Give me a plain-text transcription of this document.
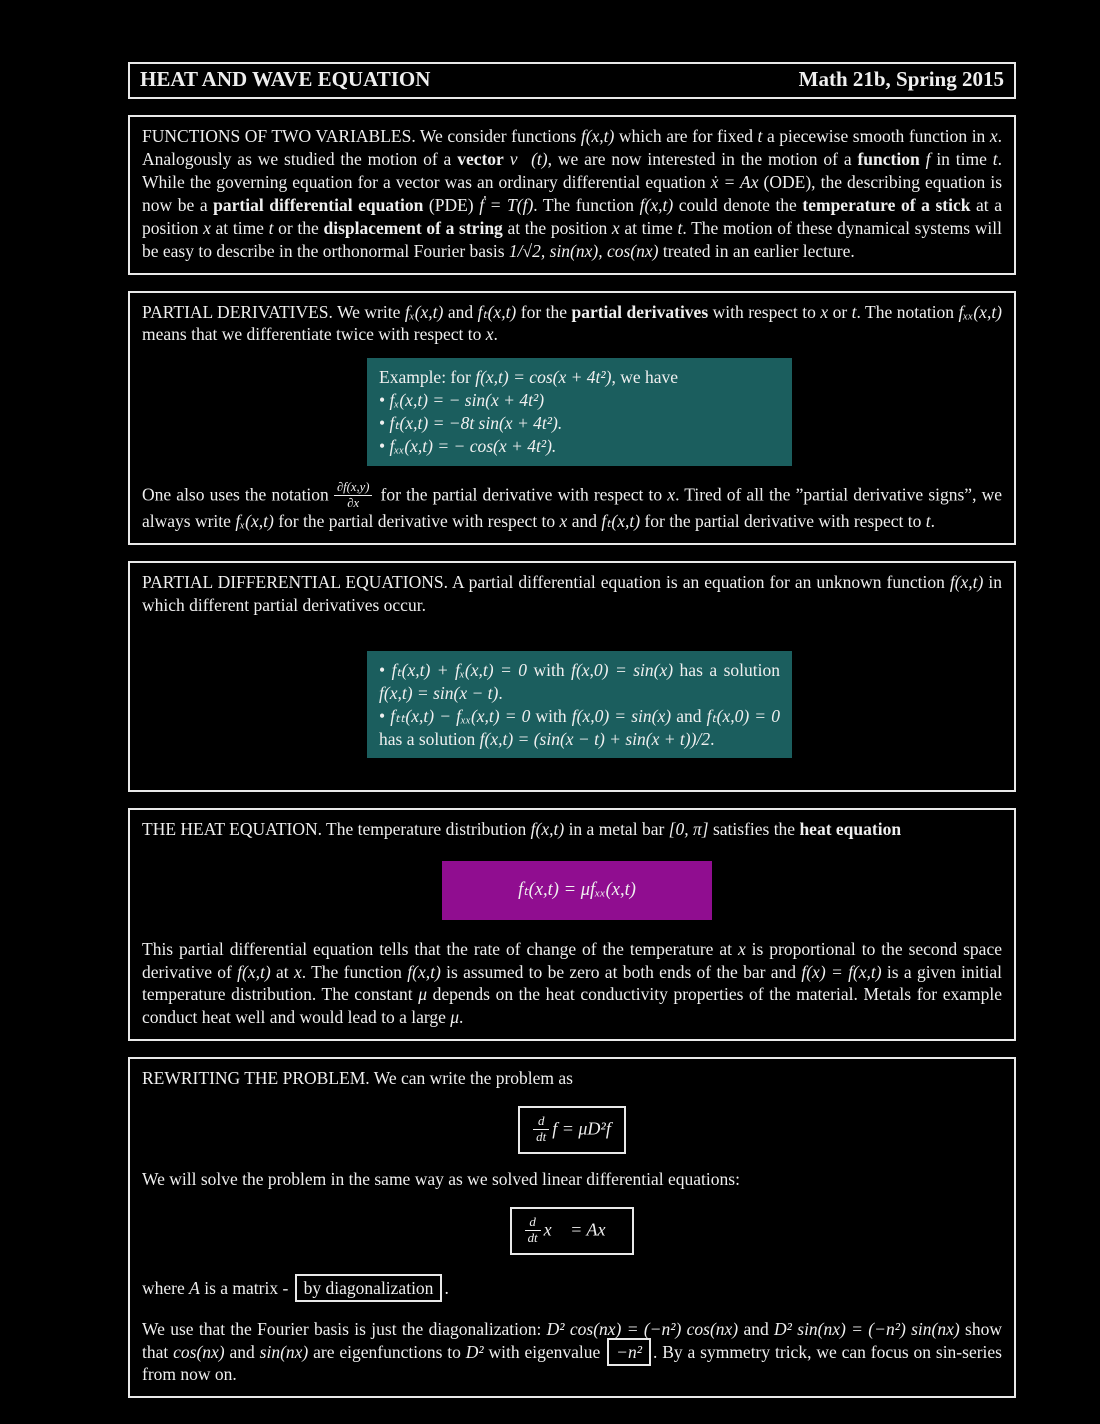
HEAT AND WAVE EQUATION	Math 21b, Spring 2015
FUNCTIONS OF TWO VARIABLES. We consider functions f(x,t) which are for fixed t a piecewise smooth function in x. Analogously as we studied the motion of a vector v⃗(t), we are now interested in the motion of a function f in time t. While the governing equation for a vector was an ordinary differential equation ẋ = Ax (ODE), the describing equation is now be a partial differential equation (PDE) ḟ = T(f). The function f(x,t) could denote the temperature of a stick at a position x at time t or the displacement of a string at the position x at time t. The motion of these dynamical systems will be easy to describe in the orthonormal Fourier basis 1/√2, sin(nx), cos(nx) treated in an earlier lecture.
PARTIAL DERIVATIVES. We write fₓ(x,t) and fₜ(x,t) for the partial derivatives with respect to x or t. The notation fₓₓ(x,t) means that we differentiate twice with respect to x.
Example: for f(x,t) = cos(x + 4t²), we have
• fₓ(x,t) = − sin(x + 4t²)
• fₜ(x,t) = −8t sin(x + 4t²).
• fₓₓ(x,t) = − cos(x + 4t²).
One also uses the notation $\frac{\partial f(x,y)}{\partial x}$ for the partial derivative with respect to x. Tired of all the ”partial derivative signs”, we always write fₓ(x,t) for the partial derivative with respect to x and fₜ(x,t) for the partial derivative with respect to t.
PARTIAL DIFFERENTIAL EQUATIONS. A partial differential equation is an equation for an unknown function f(x,t) in which different partial derivatives occur.
• fₜ(x,t) + fₓ(x,t) = 0 with f(x,0) = sin(x) has a solution f(x,t) = sin(x − t).
• fₜₜ(x,t) − fₓₓ(x,t) = 0 with f(x,0) = sin(x) and fₜ(x,0) = 0 has a solution f(x,t) = (sin(x − t) + sin(x + t))/2.
THE HEAT EQUATION. The temperature distribution f(x,t) in a metal bar [0, π] satisfies the heat equation
fₜ(x,t) = μfₓₓ(x,t)
This partial differential equation tells that the rate of change of the temperature at x is proportional to the second space derivative of f(x,t) at x. The function f(x,t) is assumed to be zero at both ends of the bar and f(x) = f(x,t) is a given initial temperature distribution. The constant μ depends on the heat conductivity properties of the material. Metals for example conduct heat well and would lead to a large μ.
REWRITING THE PROBLEM. We can write the problem as
$\frac{d}{dt}$ f = μD²f
We will solve the problem in the same way as we solved linear differential equations:
$\frac{d}{dt}$ x⃗ = Ax⃗
where A is a matrix - by diagonalization .
We use that the Fourier basis is just the diagonalization: D² cos(nx) = (−n²) cos(nx) and D² sin(nx) = (−n²) sin(nx) show that cos(nx) and sin(nx) are eigenfunctions to D² with eigenvalue −n² . By a symmetry trick, we can focus on sin-series from now on.
